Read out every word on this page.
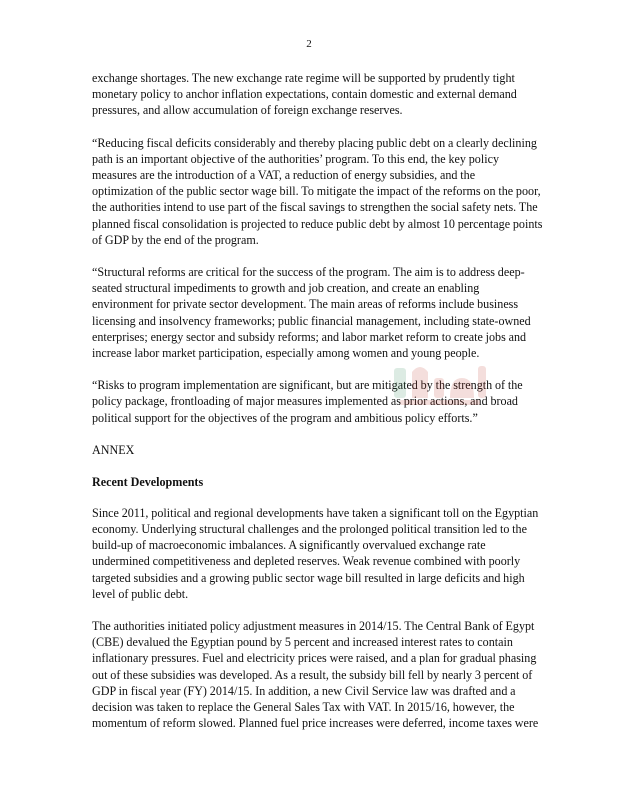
2
exchange shortages. The new exchange rate regime will be supported by prudently tight
monetary policy to anchor inflation expectations, contain domestic and external demand
pressures, and allow accumulation of foreign exchange reserves.
“Reducing fiscal deficits considerably and thereby placing public debt on a clearly declining
path is an important objective of the authorities’ program. To this end, the key policy
measures are the introduction of a VAT, a reduction of energy subsidies, and the
optimization of the public sector wage bill. To mitigate the impact of the reforms on the poor,
the authorities intend to use part of the fiscal savings to strengthen the social safety nets. The
planned fiscal consolidation is projected to reduce public debt by almost 10 percentage points
of GDP by the end of the program.
“Structural reforms are critical for the success of the program. The aim is to address deep-
seated structural impediments to growth and job creation, and create an enabling
environment for private sector development. The main areas of reforms include business
licensing and insolvency frameworks; public financial management, including state-owned
enterprises; energy sector and subsidy reforms; and labor market reform to create jobs and
increase labor market participation, especially among women and young people.
“Risks to program implementation are significant, but are mitigated by the strength of the
policy package, frontloading of major measures implemented as prior actions, and broad
political support for the objectives of the program and ambitious policy efforts.”
ANNEX
Recent Developments
Since 2011, political and regional developments have taken a significant toll on the Egyptian
economy. Underlying structural challenges and the prolonged political transition led to the
build-up of macroeconomic imbalances. A significantly overvalued exchange rate
undermined competitiveness and depleted reserves. Weak revenue combined with poorly
targeted subsidies and a growing public sector wage bill resulted in large deficits and high
level of public debt.
The authorities initiated policy adjustment measures in 2014/15. The Central Bank of Egypt
(CBE) devalued the Egyptian pound by 5 percent and increased interest rates to contain
inflationary pressures. Fuel and electricity prices were raised, and a plan for gradual phasing
out of these subsidies was developed. As a result, the subsidy bill fell by nearly 3 percent of
GDP in fiscal year (FY) 2014/15. In addition, a new Civil Service law was drafted and a
decision was taken to replace the General Sales Tax with VAT. In 2015/16, however, the
momentum of reform slowed. Planned fuel price increases were deferred, income taxes were
